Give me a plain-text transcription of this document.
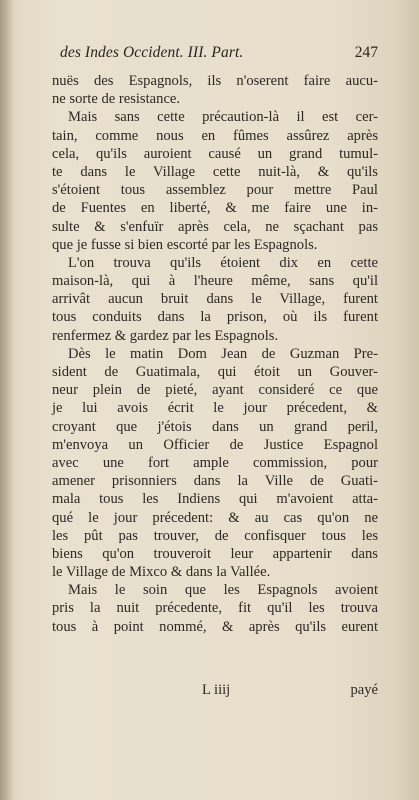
des Indes Occident. III. Part.	247
nuës des Espagnols, ils n'oserent faire aucu-
ne sorte de resistance.
Mais sans cette précaution-là il est cer-
tain, comme nous en fûmes assûrez après
cela, qu'ils auroient causé un grand tumul-
te dans le Village cette nuit-là, & qu'ils
s'étoient tous assemblez pour mettre Paul
de Fuentes en liberté, & me faire une in-
sulte & s'enfuïr après cela, ne sçachant pas
que je fusse si bien escorté par les Espagnols.
L'on trouva qu'ils étoient dix en cette
maison-là, qui à l'heure même, sans qu'il
arrivât aucun bruit dans le Village, furent
tous conduits dans la prison, où ils furent
renfermez & gardez par les Espagnols.
Dès le matin Dom Jean de Guzman Pre-
sident de Guatimala, qui étoit un Gouver-
neur plein de pieté, ayant consideré ce que
je lui avois écrit le jour précedent, &
croyant que j'étois dans un grand peril,
m'envoya un Officier de Justice Espagnol
avec une fort ample commission, pour
amener prisonniers dans la Ville de Guati-
mala tous les Indiens qui m'avoient atta-
qué le jour précedent: & au cas qu'on ne
les pût pas trouver, de confisquer tous les
biens qu'on trouveroit leur appartenir dans
le Village de Mixco & dans la Vallée.
Mais le soin que les Espagnols avoient
pris la nuit précedente, fit qu'il les trouva
tous à point nommé, & après qu'ils eurent
L iiij	payé
